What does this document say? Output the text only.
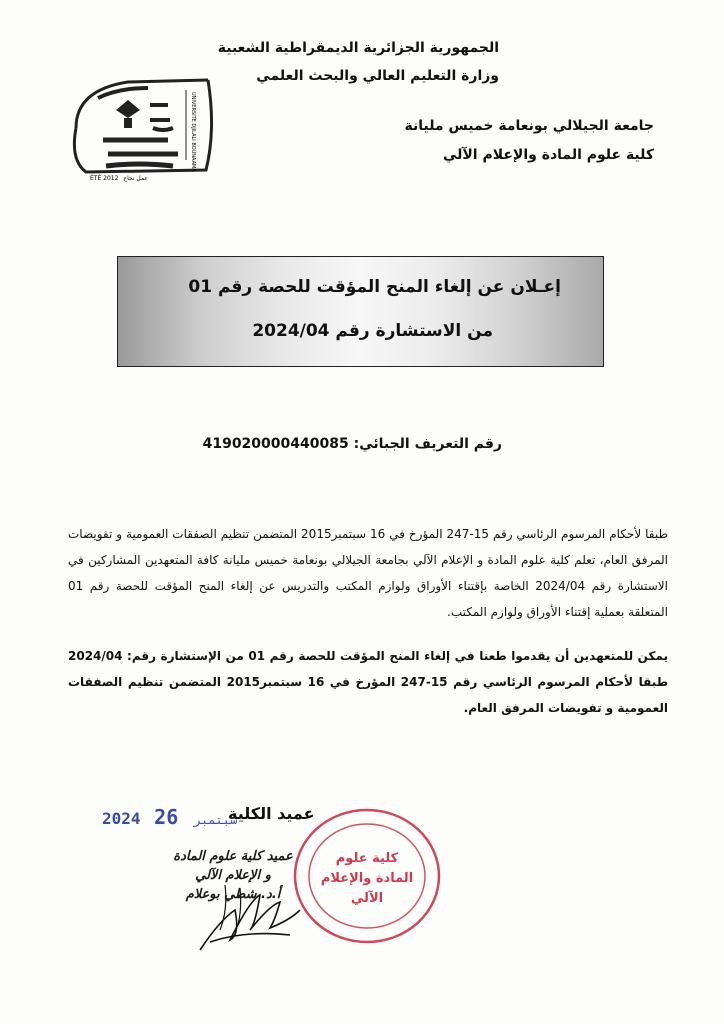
UNIVERSITE DJILALI BOUNAAMA
ÉTÉ 2012 عمل نجاح
الجمهورية الجزائرية الديمقراطية الشعبية
وزارة التعليم العالي والبحث العلمي
جامعة الجيلالي بونعامة خميس مليانة
كلية علوم المادة والإعلام الآلي
إعـلان عن إلغاء المنح المؤقت للحصة رقم 01
من الاستشارة رقم 2024/04
رقم التعريف الجبائي: 419020000440085
طبقا لأحكام المرسوم الرئاسي رقم 15-247 المؤرخ في 16 سبتمبر2015 المتضمن تنظيم الصفقات العمومية و تفويضات المرفق العام، تعلم كلية علوم المادة و الإعلام الآلي بجامعة الجيلالي بونعامة خميس مليانة كافة المتعهدين المشاركين في الاستشارة رقم 2024/04 الخاصة بإقتناء الأوراق ولوازم المكتب والتدريس عن إلغاء المنح المؤقت للحصة رقم 01 المتعلقة بعملية إقتناء الأوراق ولوازم المكتب.
يمكن للمتعهدين أن يقدموا طعنا في إلغاء المنح المؤقت للحصة رقم 01 من الإستشارة رقم: 2024/04 طبقا لأحكام المرسوم الرئاسي رقم 15-247 المؤرخ في 16 سبتمبر2015 المتضمن تنظيم الصفقات العمومية و تفويضات المرفق العام.
2024	سبتمبر 26	عميد الكلية
عميد كلية علوم المادة
و الإعلام الآلي
أ.د. شطي بوعلام
كلية علوم
المادة والإعلام
الآلي
